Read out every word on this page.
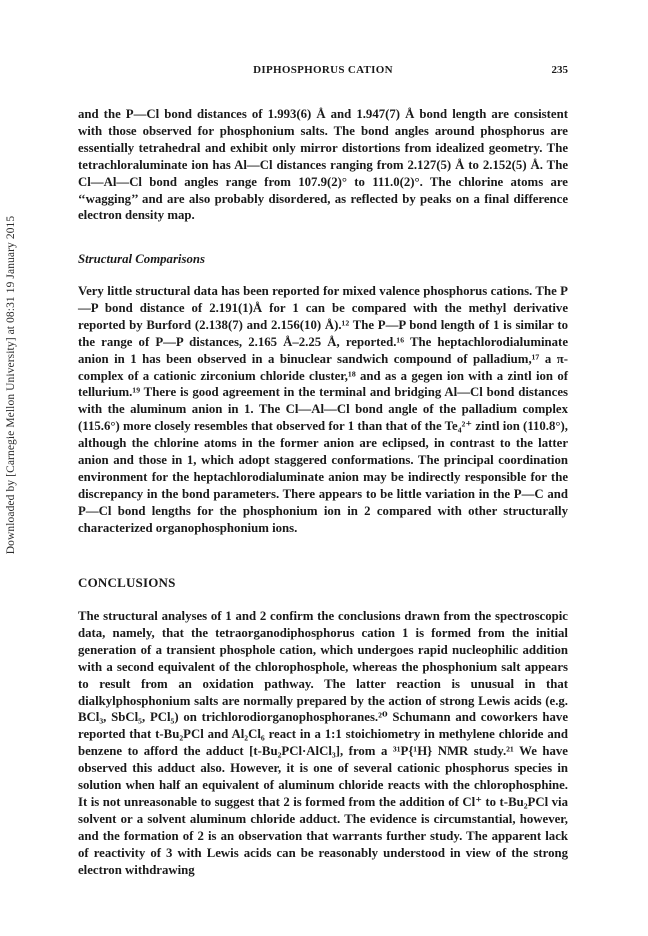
Downloaded by [Carnegie Mellon University] at 08:31 19 January 2015
DIPHOSPHORUS CATION	235

and the P—Cl bond distances of 1.993(6) Å and 1.947(7) Å bond length are consistent with those observed for phosphonium salts. The bond angles around phosphorus are essentially tetrahedral and exhibit only mirror distortions from idealized geometry. The tetrachloraluminate ion has Al—Cl distances ranging from 2.127(5) Å to 2.152(5) Å. The Cl—Al—Cl bond angles range from 107.9(2)° to 111.0(2)°. The chlorine atoms are ‘‘wagging’’ and are also probably disordered, as reflected by peaks on a final difference electron density map.

Structural Comparisons

Very little structural data has been reported for mixed valence phosphorus cations. The P—P bond distance of 2.191(1)Å for 1 can be compared with the methyl derivative reported by Burford (2.138(7) and 2.156(10) Å).¹² The P—P bond length of 1 is similar to the range of P—P distances, 2.165 Å–2.25 Å, reported.¹⁶ The heptachlorodialuminate anion in 1 has been observed in a binuclear sandwich compound of palladium,¹⁷ a π-complex of a cationic zirconium chloride cluster,¹⁸ and as a gegen ion with a zintl ion of tellurium.¹⁹ There is good agreement in the terminal and bridging Al—Cl bond distances with the aluminum anion in 1. The Cl—Al—Cl bond angle of the palladium complex (115.6°) more closely resembles that observed for 1 than that of the Te₄²⁺ zintl ion (110.8°), although the chlorine atoms in the former anion are eclipsed, in contrast to the latter anion and those in 1, which adopt staggered conformations. The principal coordination environment for the heptachlorodialuminate anion may be indirectly responsible for the discrepancy in the bond parameters. There appears to be little variation in the P—C and P—Cl bond lengths for the phosphonium ion in 2 compared with other structurally characterized organophosphonium ions.

CONCLUSIONS

The structural analyses of 1 and 2 confirm the conclusions drawn from the spectroscopic data, namely, that the tetraorganodiphosphorus cation 1 is formed from the initial generation of a transient phosphole cation, which undergoes rapid nucleophilic addition with a second equivalent of the chlorophosphole, whereas the phosphonium salt appears to result from an oxidation pathway. The latter reaction is unusual in that dialkylphosphonium salts are normally prepared by the action of strong Lewis acids (e.g. BCl₃, SbCl₅, PCl₅) on trichlorodiorganophosphoranes.²⁰ Schumann and coworkers have reported that t-Bu₂PCl and Al₂Cl₆ react in a 1:1 stoichiometry in methylene chloride and benzene to afford the adduct [t-Bu₂PCl·AlCl₃], from a ³¹P{¹H} NMR study.²¹ We have observed this adduct also. However, it is one of several cationic phosphorus species in solution when half an equivalent of aluminum chloride reacts with the chlorophosphine. It is not unreasonable to suggest that 2 is formed from the addition of Cl⁺ to t-Bu₂PCl via solvent or a solvent aluminum chloride adduct. The evidence is circumstantial, however, and the formation of 2 is an observation that warrants further study. The apparent lack of reactivity of 3 with Lewis acids can be reasonably understood in view of the strong electron withdrawing
